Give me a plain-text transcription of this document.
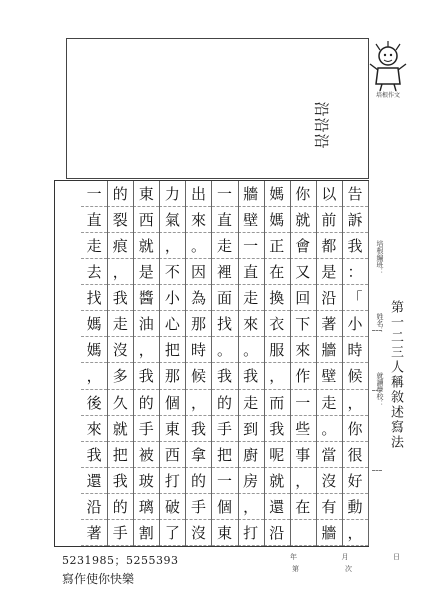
沿
沿
沿
培根作文
告
訴
我
：
「
小
時
候
，
你
很
好
動
，
以
前
都
是
沿
著
牆
壁
走
。
當
沒
有
牆
你
就
會
又
回
下
來
作
一
些
事
，
在
媽
媽
正
在
換
衣
服
，
而
我
呢
就
還
沿
牆
壁
一
直
走
來
。
我
走
到
廚
房
，
打
一
直
走
裡
面
找
。
我
的
手
把
一
個
東
出
來
。
因
為
那
時
候
，
我
拿
的
手
沒
力
氣
，
不
小
心
把
那
個
東
西
打
破
了
東
西
就
是
醬
油
，
我
的
手
被
玻
璃
割
的
裂
痕
，
我
走
沒
多
久
就
把
我
的
手
一
直
走
去
找
媽
媽
，
後
來
我
還
沿
著
培根編班：
姓名：
就讀學校： 第一二三人稱敘述寫法
5231985；5255393
寫作使你快樂
年	月	日
第	次
